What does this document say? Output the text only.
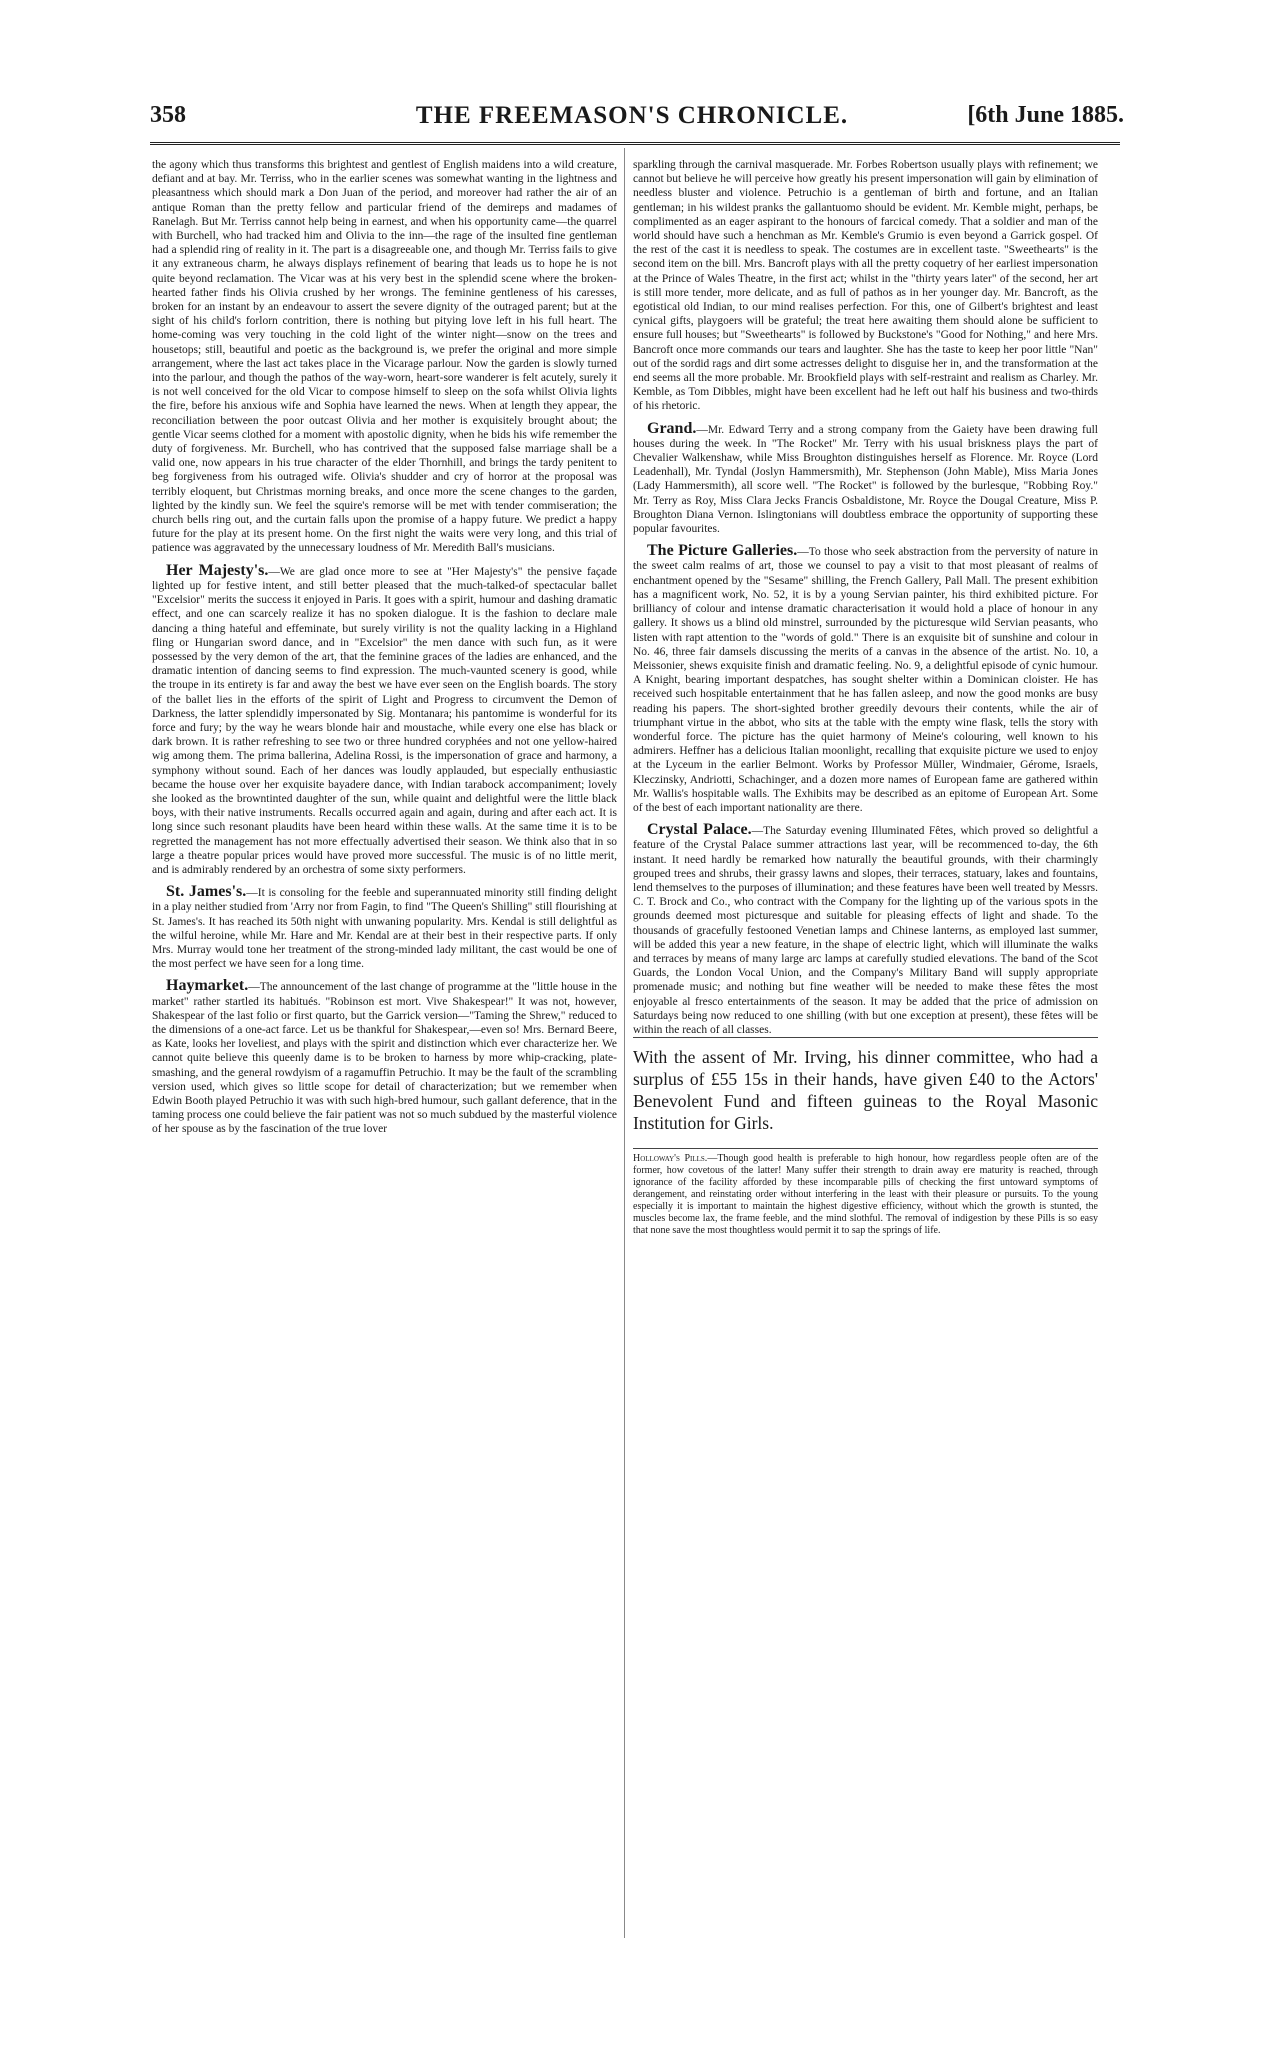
THE FREEMASON'S CHRONICLE.
358	[6th June 1885.

the agony which thus transforms this brightest and gentlest of English maidens into a wild creature, defiant and at bay. Mr. Terriss, who in the earlier scenes was somewhat wanting in the lightness and pleasantness which should mark a Don Juan of the period, and moreover had rather the air of an antique Roman than the pretty fellow and particular friend of the demireps and madames of Ranelagh. But Mr. Terriss cannot help being in earnest, and when his opportunity came—the quarrel with Burchell, who had tracked him and Olivia to the inn—the rage of the insulted fine gentleman had a splendid ring of reality in it. The part is a disagreeable one, and though Mr. Terriss fails to give it any extraneous charm, he always displays refinement of bearing that leads us to hope he is not quite beyond reclamation. The Vicar was at his very best in the splendid scene where the broken-hearted father finds his Olivia crushed by her wrongs. The feminine gentleness of his caresses, broken for an instant by an endeavour to assert the severe dignity of the outraged parent; but at the sight of his child's forlorn contrition, there is nothing but pitying love left in his full heart. The home-coming was very touching in the cold light of the winter night—snow on the trees and housetops; still, beautiful and poetic as the background is, we prefer the original and more simple arrangement, where the last act takes place in the Vicarage parlour. Now the garden is slowly turned into the parlour, and though the pathos of the way-worn, heart-sore wanderer is felt acutely, surely it is not well conceived for the old Vicar to compose himself to sleep on the sofa whilst Olivia lights the fire, before his anxious wife and Sophia have learned the news. When at length they appear, the reconciliation between the poor outcast Olivia and her mother is exquisitely brought about; the gentle Vicar seems clothed for a moment with apostolic dignity, when he bids his wife remember the duty of forgiveness. Mr. Burchell, who has contrived that the supposed false marriage shall be a valid one, now appears in his true character of the elder Thornhill, and brings the tardy penitent to beg forgiveness from his outraged wife. Olivia's shudder and cry of horror at the proposal was terribly eloquent, but Christmas morning breaks, and once more the scene changes to the garden, lighted by the kindly sun. We feel the squire's remorse will be met with tender commiseration; the church bells ring out, and the curtain falls upon the promise of a happy future. We predict a happy future for the play at its present home. On the first night the waits were very long, and this trial of patience was aggravated by the unnecessary loudness of Mr. Meredith Ball's musicians.

Her Majesty's.—We are glad once more to see at "Her Majesty's" the pensive façade lighted up for festive intent, and still better pleased that the much-talked-of spectacular ballet "Excelsior" merits the success it enjoyed in Paris. It goes with a spirit, humour and dashing dramatic effect, and one can scarcely realize it has no spoken dialogue. It is the fashion to declare male dancing a thing hateful and effeminate, but surely virility is not the quality lacking in a Highland fling or Hungarian sword dance, and in "Excelsior" the men dance with such fun, as it were possessed by the very demon of the art, that the feminine graces of the ladies are enhanced, and the dramatic intention of dancing seems to find expression. The much-vaunted scenery is good, while the troupe in its entirety is far and away the best we have ever seen on the English boards. The story of the ballet lies in the efforts of the spirit of Light and Progress to circumvent the Demon of Darkness, the latter splendidly impersonated by Sig. Montanara; his pantomime is wonderful for its force and fury; by the way he wears blonde hair and moustache, while every one else has black or dark brown. It is rather refreshing to see two or three hundred coryphées and not one yellow-haired wig among them. The prima ballerina, Adelina Rossi, is the impersonation of grace and harmony, a symphony without sound. Each of her dances was loudly applauded, but especially enthusiastic became the house over her exquisite bayadere dance, with Indian tarabock accompaniment; lovely she looked as the browntinted daughter of the sun, while quaint and delightful were the little black boys, with their native instruments. Recalls occurred again and again, during and after each act. It is long since such resonant plaudits have been heard within these walls. At the same time it is to be regretted the management has not more effectually advertised their season. We think also that in so large a theatre popular prices would have proved more successful. The music is of no little merit, and is admirably rendered by an orchestra of some sixty performers.

St. James's.—It is consoling for the feeble and superannuated minority still finding delight in a play neither studied from 'Arry nor from Fagin, to find "The Queen's Shilling" still flourishing at St. James's. It has reached its 50th night with unwaning popularity. Mrs. Kendal is still delightful as the wilful heroine, while Mr. Hare and Mr. Kendal are at their best in their respective parts. If only Mrs. Murray would tone her treatment of the strong-minded lady militant, the cast would be one of the most perfect we have seen for a long time.

Haymarket.—The announcement of the last change of programme at the "little house in the market" rather startled its habitués. "Robinson est mort. Vive Shakespear!" It was not, however, Shakespear of the last folio or first quarto, but the Garrick version—"Taming the Shrew," reduced to the dimensions of a one-act farce. Let us be thankful for Shakespear,—even so! Mrs. Bernard Beere, as Kate, looks her loveliest, and plays with the spirit and distinction which ever characterize her. We cannot quite believe this queenly dame is to be broken to harness by more whip-cracking, plate-smashing, and the general rowdyism of a ragamuffin Petruchio. It may be the fault of the scrambling version used, which gives so little scope for detail of characterization; but we remember when Edwin Booth played Petruchio it was with such high-bred humour, such gallant deference, that in the taming process one could believe the fair patient was not so much subdued by the masterful violence of her spouse as by the fascination of the true lover

sparkling through the carnival masquerade. Mr. Forbes Robertson usually plays with refinement; we cannot but believe he will perceive how greatly his present impersonation will gain by elimination of needless bluster and violence. Petruchio is a gentleman of birth and fortune, and an Italian gentleman; in his wildest pranks the gallantuomo should be evident. Mr. Kemble might, perhaps, be complimented as an eager aspirant to the honours of farcical comedy. That a soldier and man of the world should have such a henchman as Mr. Kemble's Grumio is even beyond a Garrick gospel. Of the rest of the cast it is needless to speak. The costumes are in excellent taste. "Sweethearts" is the second item on the bill. Mrs. Bancroft plays with all the pretty coquetry of her earliest impersonation at the Prince of Wales Theatre, in the first act; whilst in the "thirty years later" of the second, her art is still more tender, more delicate, and as full of pathos as in her younger day. Mr. Bancroft, as the egotistical old Indian, to our mind realises perfection. For this, one of Gilbert's brightest and least cynical gifts, playgoers will be grateful; the treat here awaiting them should alone be sufficient to ensure full houses; but "Sweethearts" is followed by Buckstone's "Good for Nothing," and here Mrs. Bancroft once more commands our tears and laughter. She has the taste to keep her poor little "Nan" out of the sordid rags and dirt some actresses delight to disguise her in, and the transformation at the end seems all the more probable. Mr. Brookfield plays with self-restraint and realism as Charley. Mr. Kemble, as Tom Dibbles, might have been excellent had he left out half his business and two-thirds of his rhetoric.

Grand.—Mr. Edward Terry and a strong company from the Gaiety have been drawing full houses during the week. In "The Rocket" Mr. Terry with his usual briskness plays the part of Chevalier Walkenshaw, while Miss Broughton distinguishes herself as Florence. Mr. Royce (Lord Leadenhall), Mr. Tyndal (Joslyn Hammersmith), Mr. Stephenson (John Mable), Miss Maria Jones (Lady Hammersmith), all score well. "The Rocket" is followed by the burlesque, "Robbing Roy." Mr. Terry as Roy, Miss Clara Jecks Francis Osbaldistone, Mr. Royce the Dougal Creature, Miss P. Broughton Diana Vernon. Islingtonians will doubtless embrace the opportunity of supporting these popular favourites.

The Picture Galleries.—To those who seek abstraction from the perversity of nature in the sweet calm realms of art, those we counsel to pay a visit to that most pleasant of realms of enchantment opened by the "Sesame" shilling, the French Gallery, Pall Mall. The present exhibition has a magnificent work, No. 52, it is by a young Servian painter, his third exhibited picture. For brilliancy of colour and intense dramatic characterisation it would hold a place of honour in any gallery. It shows us a blind old minstrel, surrounded by the picturesque wild Servian peasants, who listen with rapt attention to the "words of gold." There is an exquisite bit of sunshine and colour in No. 46, three fair damsels discussing the merits of a canvas in the absence of the artist. No. 10, a Meissonier, shews exquisite finish and dramatic feeling. No. 9, a delightful episode of cynic humour. A Knight, bearing important despatches, has sought shelter within a Dominican cloister. He has received such hospitable entertainment that he has fallen asleep, and now the good monks are busy reading his papers. The short-sighted brother greedily devours their contents, while the air of triumphant virtue in the abbot, who sits at the table with the empty wine flask, tells the story with wonderful force. The picture has the quiet harmony of Meine's colouring, well known to his admirers. Heffner has a delicious Italian moonlight, recalling that exquisite picture we used to enjoy at the Lyceum in the earlier Belmont. Works by Professor Müller, Windmaier, Gérome, Israels, Kleczinsky, Andriotti, Schachinger, and a dozen more names of European fame are gathered within Mr. Wallis's hospitable walls. The Exhibits may be described as an epitome of European Art. Some of the best of each important nationality are there.

Crystal Palace.—The Saturday evening Illuminated Fêtes, which proved so delightful a feature of the Crystal Palace summer attractions last year, will be recommenced to-day, the 6th instant. It need hardly be remarked how naturally the beautiful grounds, with their charmingly grouped trees and shrubs, their grassy lawns and slopes, their terraces, statuary, lakes and fountains, lend themselves to the purposes of illumination; and these features have been well treated by Messrs. C. T. Brock and Co., who contract with the Company for the lighting up of the various spots in the grounds deemed most picturesque and suitable for pleasing effects of light and shade. To the thousands of gracefully festooned Venetian lamps and Chinese lanterns, as employed last summer, will be added this year a new feature, in the shape of electric light, which will illuminate the walks and terraces by means of many large arc lamps at carefully studied elevations. The band of the Scot Guards, the London Vocal Union, and the Company's Military Band will supply appropriate promenade music; and nothing but fine weather will be needed to make these fêtes the most enjoyable al fresco entertainments of the season. It may be added that the price of admission on Saturdays being now reduced to one shilling (with but one exception at present), these fêtes will be within the reach of all classes.

With the assent of Mr. Irving, his dinner committee, who had a surplus of £55 15s in their hands, have given £40 to the Actors' Benevolent Fund and fifteen guineas to the Royal Masonic Institution for Girls.

Holloway's Pills.—Though good health is preferable to high honour, how regardless people often are of the former, how covetous of the latter! Many suffer their strength to drain away ere maturity is reached, through ignorance of the facility afforded by these incomparable pills of checking the first untoward symptoms of derangement, and reinstating order without interfering in the least with their pleasure or pursuits. To the young especially it is important to maintain the highest digestive efficiency, without which the growth is stunted, the muscles become lax, the frame feeble, and the mind slothful. The removal of indigestion by these Pills is so easy that none save the most thoughtless would permit it to sap the springs of life.
